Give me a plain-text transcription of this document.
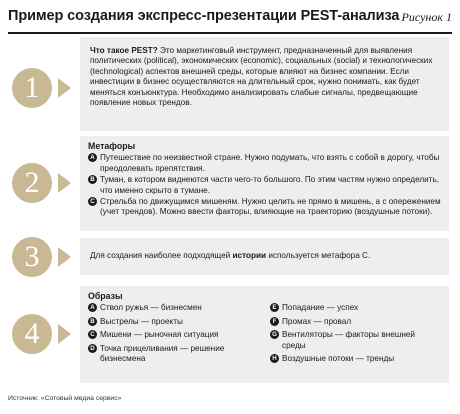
Пример создания экспресс-презентации PEST-анализа Рисунок 1
1
Что такое PEST? Это маркетинговый инструмент, предназначенный для выявления политических (political), экономических (economic), социальных (social) и технологических (technological) аспектов внешней среды, которые влияют на бизнес компании. Если инвестиции в бизнес осуществляются на длительный срок, нужно понимать, как будет меняться конъюнктура. Необходимо анализировать слабые сигналы, предвещающие появление новых трендов.
2
Метафоры
A Путешествие по неизвестной стране. Нужно подумать, что взять с собой в дорогу, чтобы преодолевать препятствия.
B Туман, в котором виднеются части чего-то большого. По этим частям нужно определить, что именно скрыто в тумане.
C Стрельба по движущимся мишеням. Нужно целить не прямо в мишень, а с опережением (учет трендов). Можно ввести факторы, влияющие на траекторию (воздушные потоки).
3	Для создания наиболее подходящей истории используется метафора С.
4
Образы
A Ствол ружья — бизнесмен
B Выстрелы — проекты
C Мишени — рыночная ситуация
D Точка прицеливания — решение бизнесмена
E Попадание — успех
F Промах — провал
G Вентиляторы — факторы внешней среды
H Воздушные потоки — тренды
Источник: «Сотовый медиа сервис»
